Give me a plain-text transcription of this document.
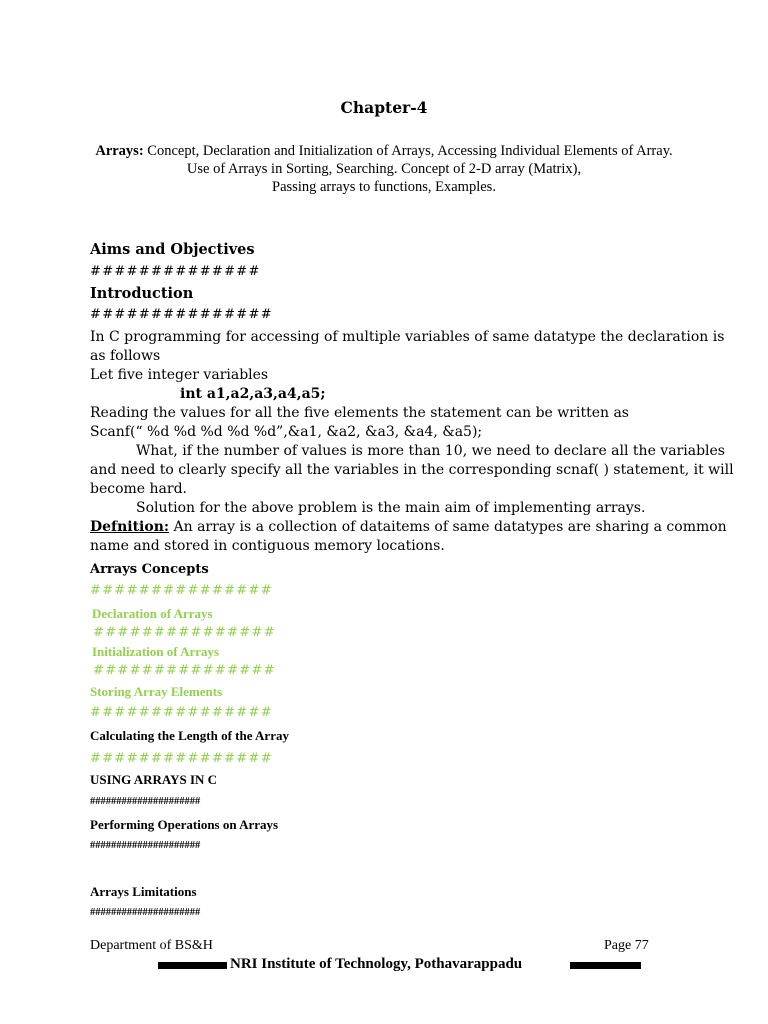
Chapter-4
Arrays: Concept, Declaration and Initialization of Arrays, Accessing Individual Elements of Array.
Use of Arrays in Sorting, Searching. Concept of 2-D array (Matrix),
Passing arrays to functions, Examples.
Aims and Objectives
##############
Introduction
###############
In C programming for accessing of multiple variables of same datatype the declaration is
as follows
Let five integer variables
int a1,a2,a3,a4,a5;
Reading the values for all the five elements the statement can be written as
Scanf(“ %d %d %d %d %d”,&a1, &a2, &a3, &a4, &a5);
What, if the number of values is more than 10, we need to declare all the variables
and need to clearly specify all the variables in the corresponding scnaf( ) statement, it will
become hard.
Solution for the above problem is the main aim of implementing arrays.
Defnition: An array is a collection of dataitems of same datatypes are sharing a common
name and stored in contiguous memory locations.
Arrays Concepts
###############
Declaration of Arrays
###############
Initialization of Arrays
###############
Storing Array Elements
###############
Calculating the Length of the Array
###############
USING ARRAYS IN C
#####################
Performing Operations on Arrays
#####################
Arrays Limitations
#####################
Department of BS&H	Page 77
NRI Institute of Technology, Pothavarappadu
